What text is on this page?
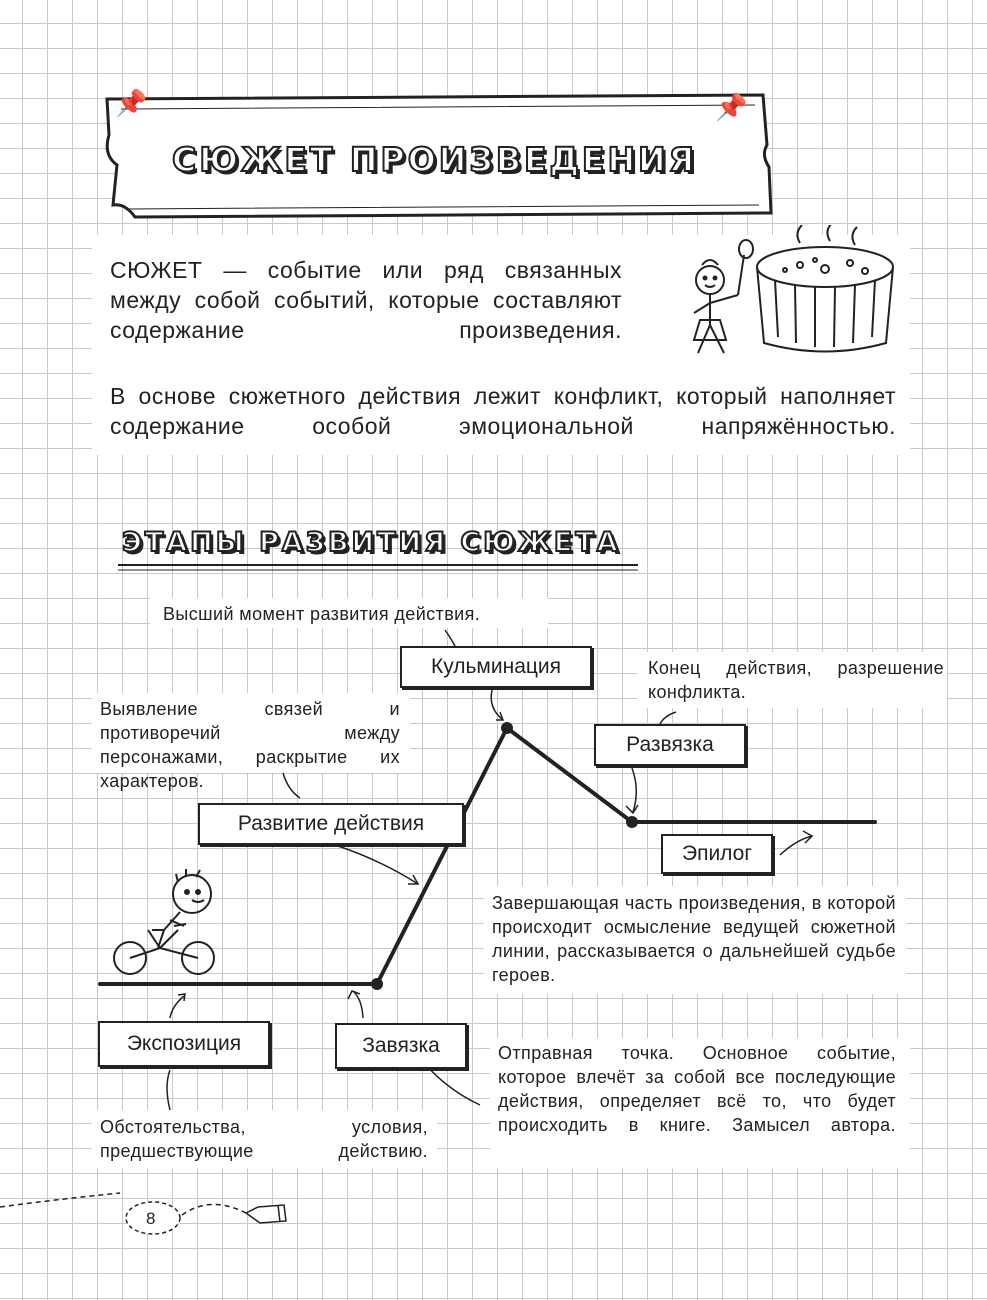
📌	📌
СЮЖЕТ ПРОИЗВЕДЕНИЯ
СЮЖЕТ — событие или ряд связанных между собой событий, которые составляют содержание произведения.
В основе сюжетного действия лежит конфликт, который наполняет содержание особой эмоциональной напряжённостью.
ЭТАПЫ РАЗВИТИЯ СЮЖЕТА
Кульминация
Развязка
Развитие действия
Эпилог
Экспозиция	Завязка
Высший момент развития действия.
Конец действия, разрешение конфликта.
Выявление связей и противоречий между персонажами, раскрытие их характеров.
Завершающая часть произведения, в которой происходит осмысление ведущей сюжетной линии, рассказывается о дальнейшей судьбе героев.
Отправная точка. Основное событие, которое влечёт за собой все последующие действия, определяет всё то, что будет происходить в книге. Замысел автора.
Обстоятельства, условия, предшествующие действию.
8
